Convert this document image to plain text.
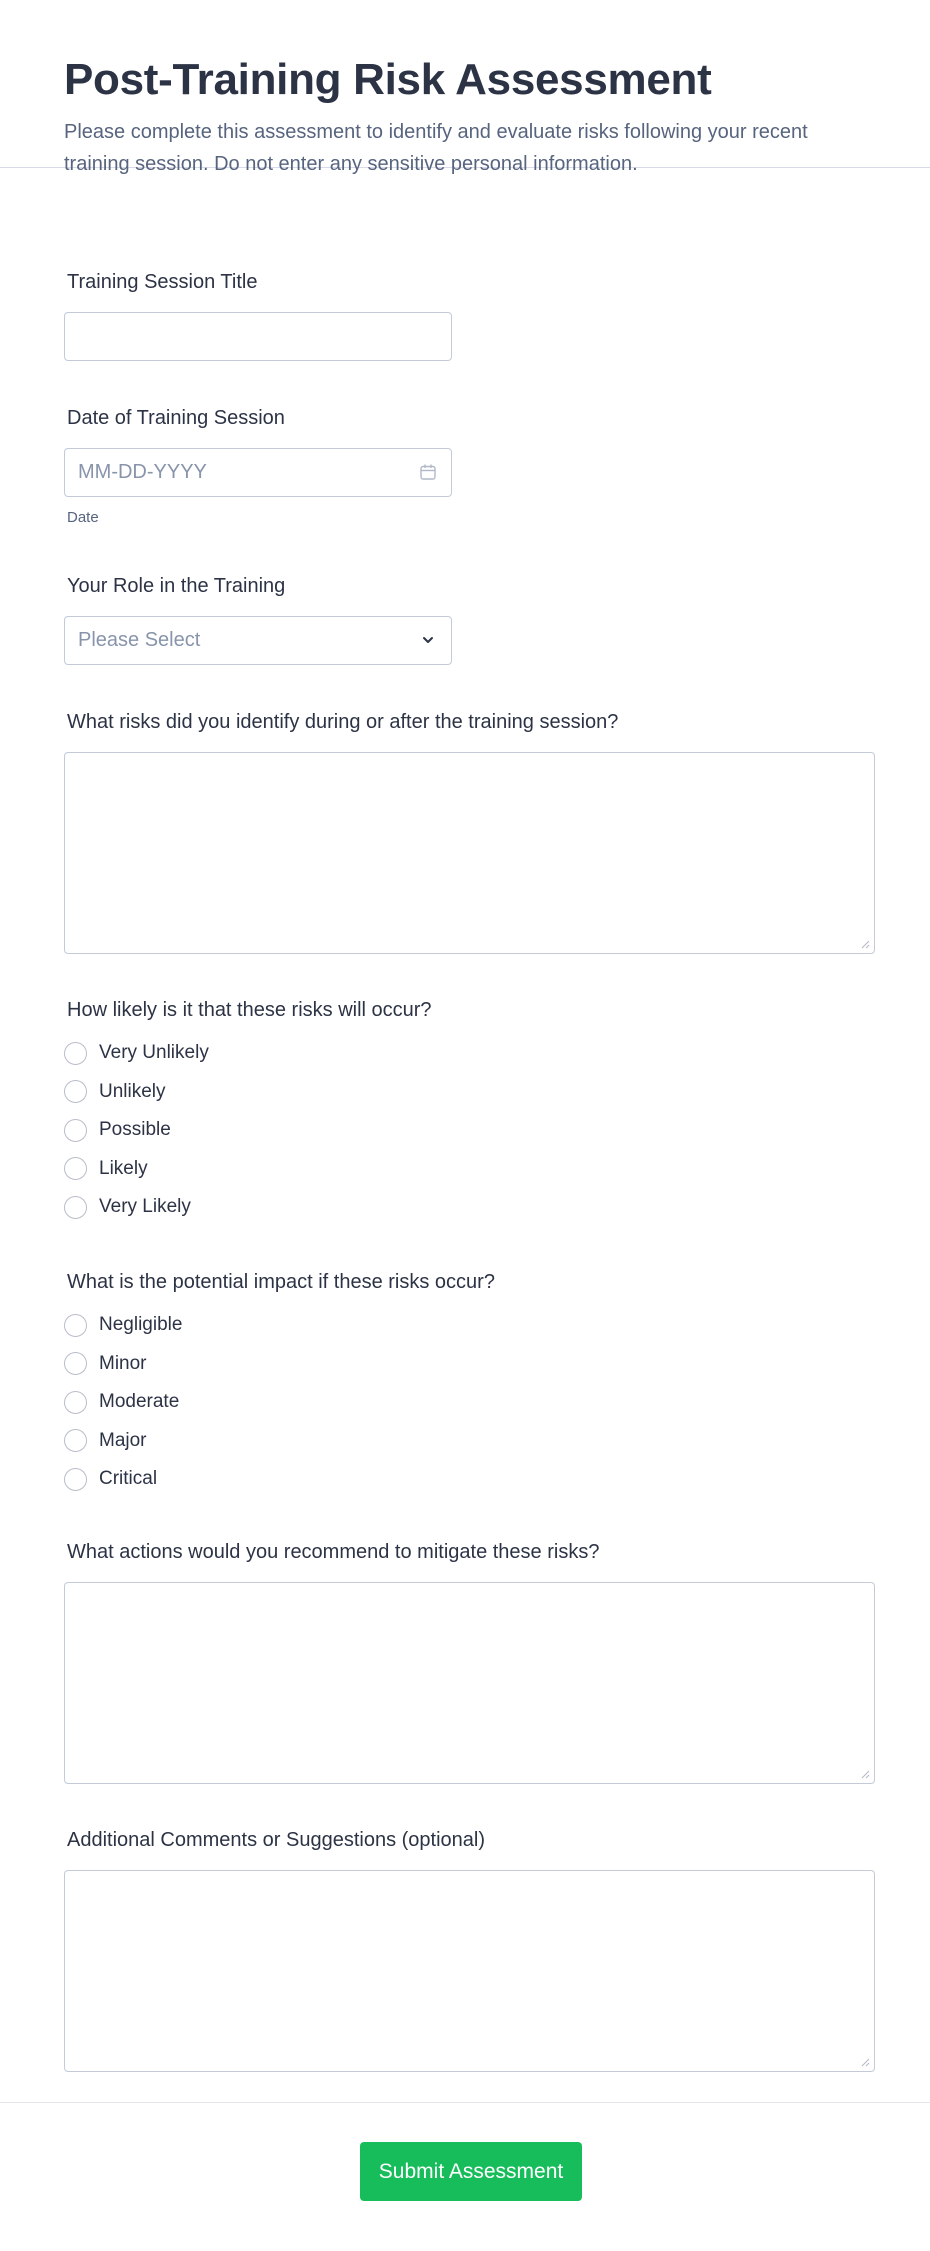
Post-Training Risk Assessment
Please complete this assessment to identify and evaluate risks following your recent training session. Do not enter any sensitive personal information.
Training Session Title
Date of Training Session
MM-DD-YYYY
Date
Your Role in the Training
Please Select
What risks did you identify during or after the training session?
How likely is it that these risks will occur?
Very Unlikely
Unlikely
Possible
Likely
Very Likely
What is the potential impact if these risks occur?
Negligible
Minor
Moderate
Major
Critical
What actions would you recommend to mitigate these risks?
Additional Comments or Suggestions (optional)
Submit Assessment
